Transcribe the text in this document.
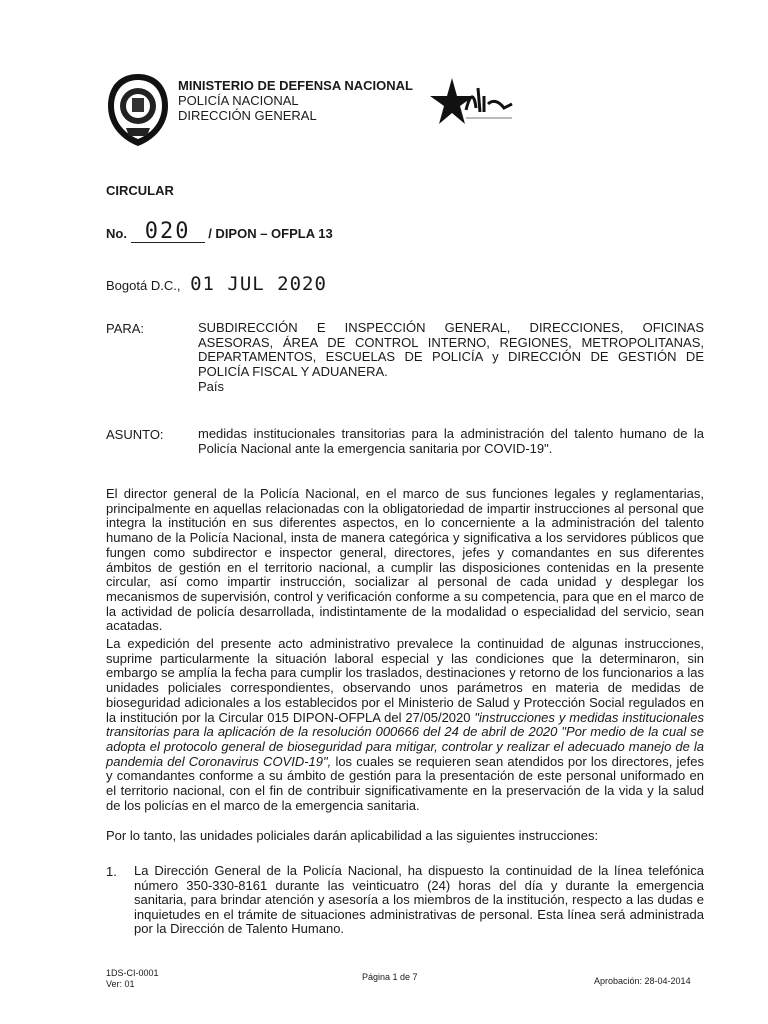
MINISTERIO DE DEFENSA NACIONAL
POLICÍA NACIONAL
DIRECCIÓN GENERAL
CIRCULAR
No. 020 / DIPON – OFPLA 13
Bogotá D.C., 01 JUL 2020
PARA:	SUBDIRECCIÓN E INSPECCIÓN GENERAL, DIRECCIONES, OFICINAS ASESORAS, ÁREA DE CONTROL INTERNO, REGIONES, METROPOLITANAS, DEPARTAMENTOS, ESCUELAS DE POLICÍA y DIRECCIÓN DE GESTIÓN DE POLICÍA FISCAL Y ADUANERA.
País
ASUNTO:	medidas institucionales transitorias para la administración del talento humano de la Policía Nacional ante la emergencia sanitaria por COVID-19".
El director general de la Policía Nacional, en el marco de sus funciones legales y reglamentarias, principalmente en aquellas relacionadas con la obligatoriedad de impartir instrucciones al personal que integra la institución en sus diferentes aspectos, en lo concerniente a la administración del talento humano de la Policía Nacional, insta de manera categórica y significativa a los servidores públicos que fungen como subdirector e inspector general, directores, jefes y comandantes en sus diferentes ámbitos de gestión en el territorio nacional, a cumplir las disposiciones contenidas en la presente circular, así como impartir instrucción, socializar al personal de cada unidad y desplegar los mecanismos de supervisión, control y verificación conforme a su competencia, para que en el marco de la actividad de policía desarrollada, indistintamente de la modalidad o especialidad del servicio, sean acatadas.
La expedición del presente acto administrativo prevalece la continuidad de algunas instrucciones, suprime particularmente la situación laboral especial y las condiciones que la determinaron, sin embargo se amplía la fecha para cumplir los traslados, destinaciones y retorno de los funcionarios a las unidades policiales correspondientes, observando unos parámetros en materia de medidas de bioseguridad adicionales a los establecidos por el Ministerio de Salud y Protección Social regulados en la institución por la Circular 015 DIPON-OFPLA del 27/05/2020 "instrucciones y medidas institucionales transitorias para la aplicación de la resolución 000666 del 24 de abril de 2020 "Por medio de la cual se adopta el protocolo general de bioseguridad para mitigar, controlar y realizar el adecuado manejo de la pandemia del Coronavirus COVID-19", los cuales se requieren sean atendidos por los directores, jefes y comandantes conforme a su ámbito de gestión para la presentación de este personal uniformado en el territorio nacional, con el fin de contribuir significativamente en la preservación de la vida y la salud de los policías en el marco de la emergencia sanitaria.
Por lo tanto, las unidades policiales darán aplicabilidad a las siguientes instrucciones:
1. La Dirección General de la Policía Nacional, ha dispuesto la continuidad de la línea telefónica número 350-330-8161 durante las veinticuatro (24) horas del día y durante la emergencia sanitaria, para brindar atención y asesoría a los miembros de la institución, respecto a las dudas e inquietudes en el trámite de situaciones administrativas de personal. Esta línea será administrada por la Dirección de Talento Humano.
1DS-CI-0001
Ver: 01
Página 1 de 7	Aprobación: 28-04-2014
